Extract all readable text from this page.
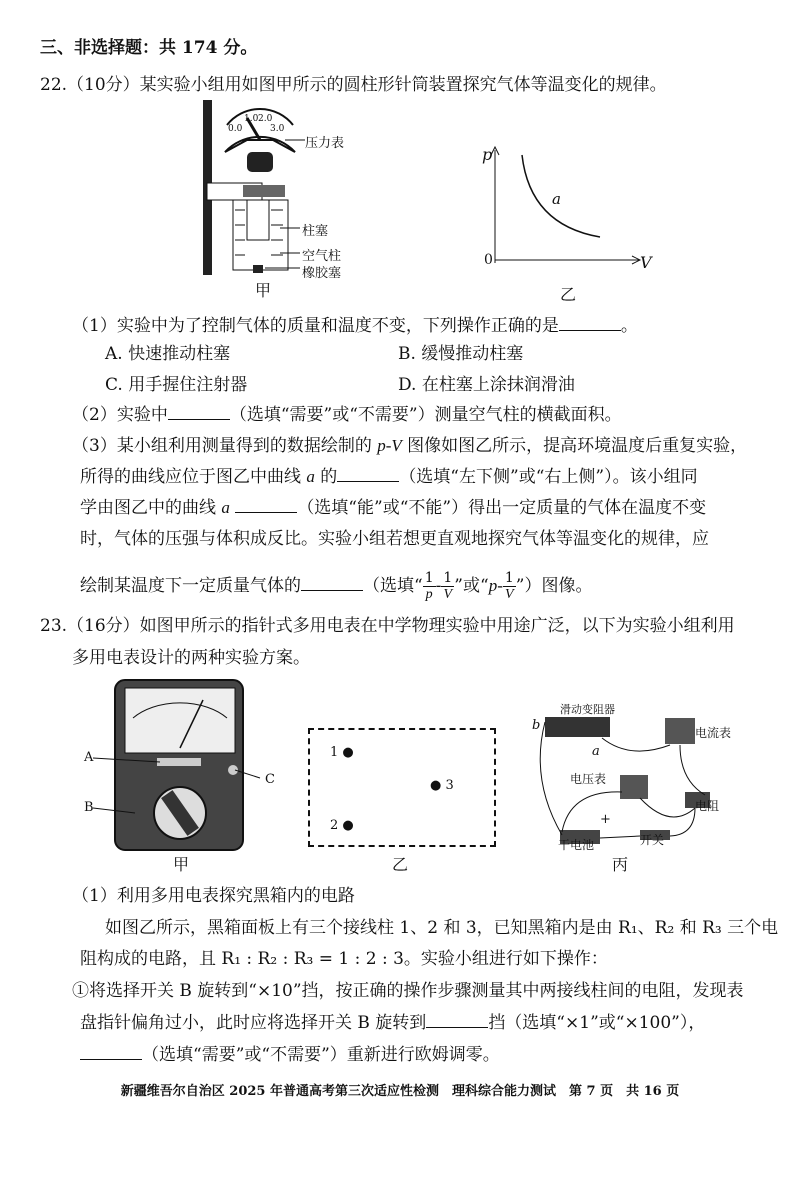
三、非选择题：共 174 分。
22.（10分）某实验小组用如图甲所示的圆柱形针筒装置探究气体等温变化的规律。
0.0
1.0 2.0
3.0
压力表
柱塞
空气柱
橡胶塞
甲
p
V
0
a
乙
（1）实验中为了控制气体的质量和温度不变，下列操作正确的是	。
A. 快速推动柱塞	B. 缓慢推动柱塞
C. 用手握住注射器	D. 在柱塞上涂抹润滑油
（2）实验中	（选填“需要”或“不需要”）测量空气柱的横截面积。
（3）某小组利用测量得到的数据绘制的 p-V 图像如图乙所示，提高环境温度后重复实验，
所得的曲线应位于图乙中曲线 a 的	（选填“左下侧”或“右上侧”）。该小组同
学由图乙中的曲线 a	（选填“能”或“不能”）得出一定质量的气体在温度不变
时，气体的压强与体积成反比。实验小组若想更直观地探究气体等温变化的规律，应
绘制某温度下一定质量气体的	（选填“ $\frac{1}{p} - \frac{1}{V}$ ”或“$p- \frac{1}{V}$ ”）图像。
23.（16分）如图甲所示的指针式多用电表在中学物理实验中用途广泛，以下为实验小组利用
多用电表设计的两种实验方案。
A
B
C
甲
1 ●
2 ●
● 3
乙
滑动变阻器
b
a
电流表
电压表
电阻
干电池	开关
+
丙
（1）利用多用电表探究黑箱内的电路
如图乙所示，黑箱面板上有三个接线柱 1、2 和 3，已知黑箱内是由 R₁、R₂ 和 R₃ 三个电
阻构成的电路，且 R₁ : R₂ : R₃ = 1 : 2 : 3。实验小组进行如下操作：
①将选择开关 B 旋转到“×10”挡，按正确的操作步骤测量其中两接线柱间的电阻，发现表
盘指针偏角过小，此时应将选择开关 B 旋转到	挡（选填“×1”或“×100”），
（选填“需要”或“不需要”）重新进行欧姆调零。
新疆维吾尔自治区 2025 年普通高考第三次适应性检测　理科综合能力测试　第 7 页　共 16 页
